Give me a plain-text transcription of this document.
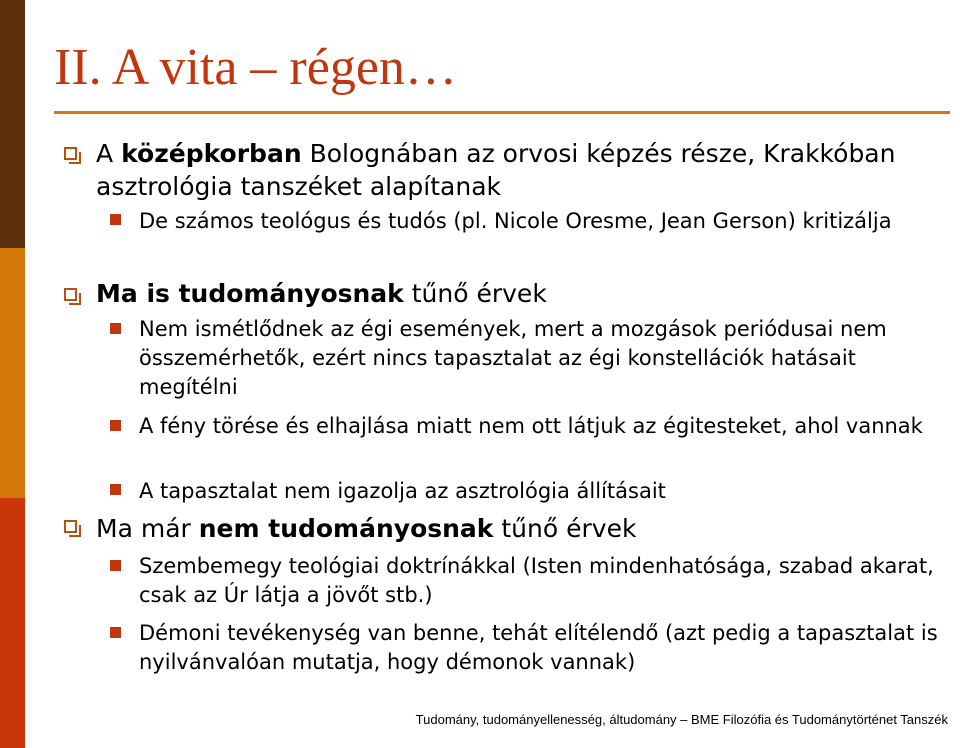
II. A vita – régen…
A középkorban Bolognában az orvosi képzés része, Krakkóban asztrológia tanszéket alapítanak
De számos teológus és tudós (pl. Nicole Oresme, Jean Gerson) kritizálja
Ma is tudományosnak tűnő érvek
Nem ismétlődnek az égi események, mert a mozgások periódusai nem összemérhetők, ezért nincs tapasztalat az égi konstellációk hatásait megítélni
A fény törése és elhajlása miatt nem ott látjuk az égitesteket, ahol vannak
A tapasztalat nem igazolja az asztrológia állításait
Ma már nem tudományosnak tűnő érvek
Szembemegy teológiai doktrínákkal (Isten mindenhatósága, szabad akarat, csak az Úr látja a jövőt stb.)
Démoni tevékenység van benne, tehát elítélendő (azt pedig a tapasztalat is nyilvánvalóan mutatja, hogy démonok vannak)
Tudomány, tudományellenesség, áltudomány – BME Filozófia és Tudománytörténet Tanszék
